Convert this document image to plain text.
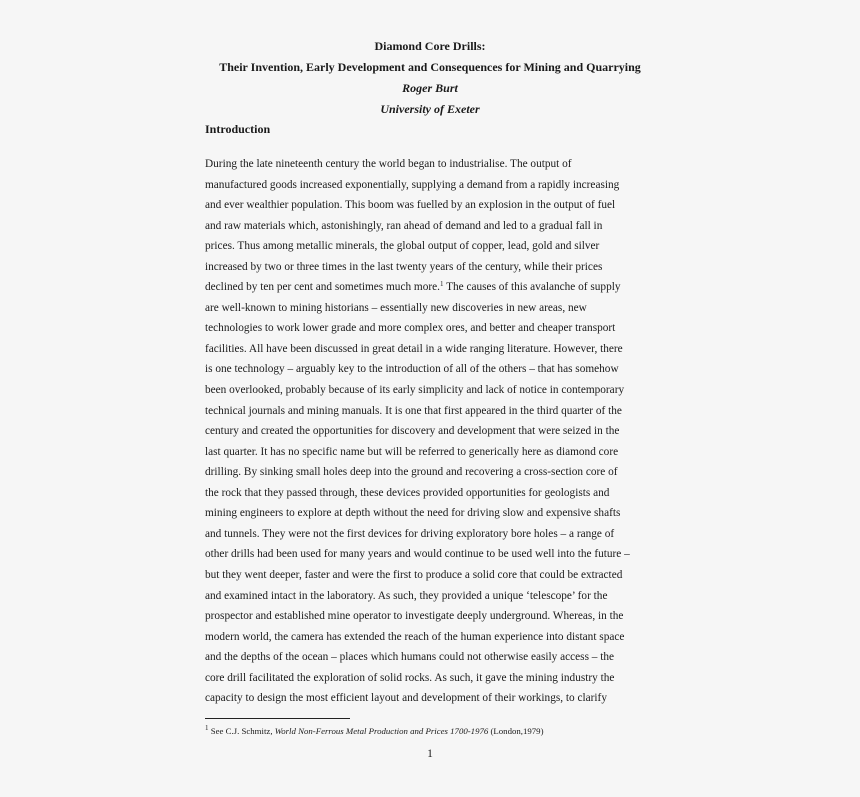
Diamond Core Drills:
Their Invention, Early Development and Consequences for Mining and Quarrying
Roger Burt
University of Exeter
Introduction
During the late nineteenth century the world began to industrialise. The output of
manufactured goods increased exponentially, supplying a demand from a rapidly increasing
and ever wealthier population. This boom was fuelled by an explosion in the output of fuel
and raw materials which, astonishingly, ran ahead of demand and led to a gradual fall in
prices. Thus among metallic minerals, the global output of copper, lead, gold and silver
increased by two or three times in the last twenty years of the century, while their prices
declined by ten per cent and sometimes much more.$^1$ The causes of this avalanche of supply
are well-known to mining historians – essentially new discoveries in new areas, new
technologies to work lower grade and more complex ores, and better and cheaper transport
facilities. All have been discussed in great detail in a wide ranging literature. However, there
is one technology – arguably key to the introduction of all of the others – that has somehow
been overlooked, probably because of its early simplicity and lack of notice in contemporary
technical journals and mining manuals. It is one that first appeared in the third quarter of the
century and created the opportunities for discovery and development that were seized in the
last quarter. It has no specific name but will be referred to generically here as diamond core
drilling. By sinking small holes deep into the ground and recovering a cross-section core of
the rock that they passed through, these devices provided opportunities for geologists and
mining engineers to explore at depth without the need for driving slow and expensive shafts
and tunnels. They were not the first devices for driving exploratory bore holes – a range of
other drills had been used for many years and would continue to be used well into the future –
but they went deeper, faster and were the first to produce a solid core that could be extracted
and examined intact in the laboratory. As such, they provided a unique ‘telescope’ for the
prospector and established mine operator to investigate deeply underground. Whereas, in the
modern world, the camera has extended the reach of the human experience into distant space
and the depths of the ocean – places which humans could not otherwise easily access – the
core drill facilitated the exploration of solid rocks. As such, it gave the mining industry the
capacity to design the most efficient layout and development of their workings, to clarify
$^1$ See C.J. Schmitz, World Non-Ferrous Metal Production and Prices 1700-1976 (London,1979)
1
